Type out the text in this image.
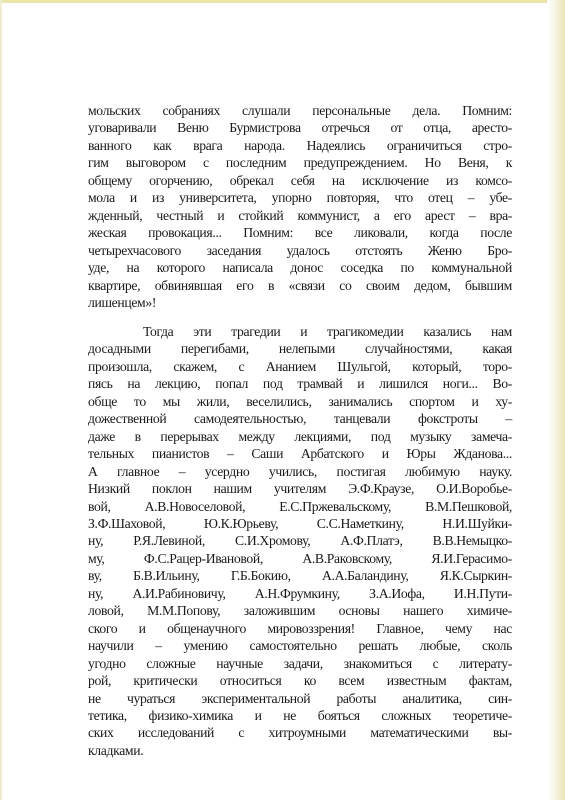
мольских собраниях слушали персональные дела. Помним:
уговаривали Веню Бурмистрова отречься от отца, аресто-
ванного как врага народа. Надеялись ограничиться стро-
гим выговором с последним предупреждением. Но Веня, к
общему огорчению, обрекал себя на исключение из комсо-
мола и из университета, упорно повторяя, что отец – убе-
жденный, честный и стойкий коммунист, а его арест – вра-
жеская провокация... Помним: все ликовали, когда после
четырехчасового заседания удалось отстоять Женю Бро-
уде, на которого написала донос соседка по коммунальной
квартире, обвинявшая его в «связи со своим дедом, бывшим
лишенцем»!
Тогда эти трагедии и трагикомедии казались нам
досадными перегибами, нелепыми случайностями, какая
произошла, скажем, с Ананием Шульгой, который, торо-
пясь на лекцию, попал под трамвай и лишился ноги... Во-
обще то мы жили, веселились, занимались спортом и ху-
дожественной самодеятельностью, танцевали фокстроты –
даже в перерывах между лекциями, под музыку замеча-
тельных пианистов – Саши Арбатского и Юры Жданова...
А главное – усердно учились, постигая любимую науку.
Низкий поклон нашим учителям Э.Ф.Краузе, О.И.Воробье-
вой, А.В.Новоселовой, Е.С.Пржевальскому, В.М.Пешковой,
З.Ф.Шаховой, Ю.К.Юрьеву, С.С.Наметкину, Н.И.Шуйки-
ну, Р.Я.Левиной, С.И.Хромову, А.Ф.Платэ, В.В.Немыцко-
му, Ф.С.Рацер-Ивановой, А.В.Раковскому, Я.И.Герасимо-
ву, Б.В.Ильину, Г.Б.Бокию, А.А.Баландину, Я.К.Сыркин-
ну, А.И.Рабиновичу, А.Н.Фрумкину, З.А.Иофа, И.Н.Пути-
ловой, М.М.Попову, заложившим основы нашего химиче-
ского и общенаучного мировоззрения! Главное, чему нас
научили – умению самостоятельно решать любые, сколь
угодно сложные научные задачи, знакомиться с литерату-
рой, критически относиться ко всем известным фактам,
не чураться экспериментальной работы аналитика, син-
тетика, физико-химика и не бояться сложных теоретиче-
ских исследований с хитроумными математическими вы-
кладками.
